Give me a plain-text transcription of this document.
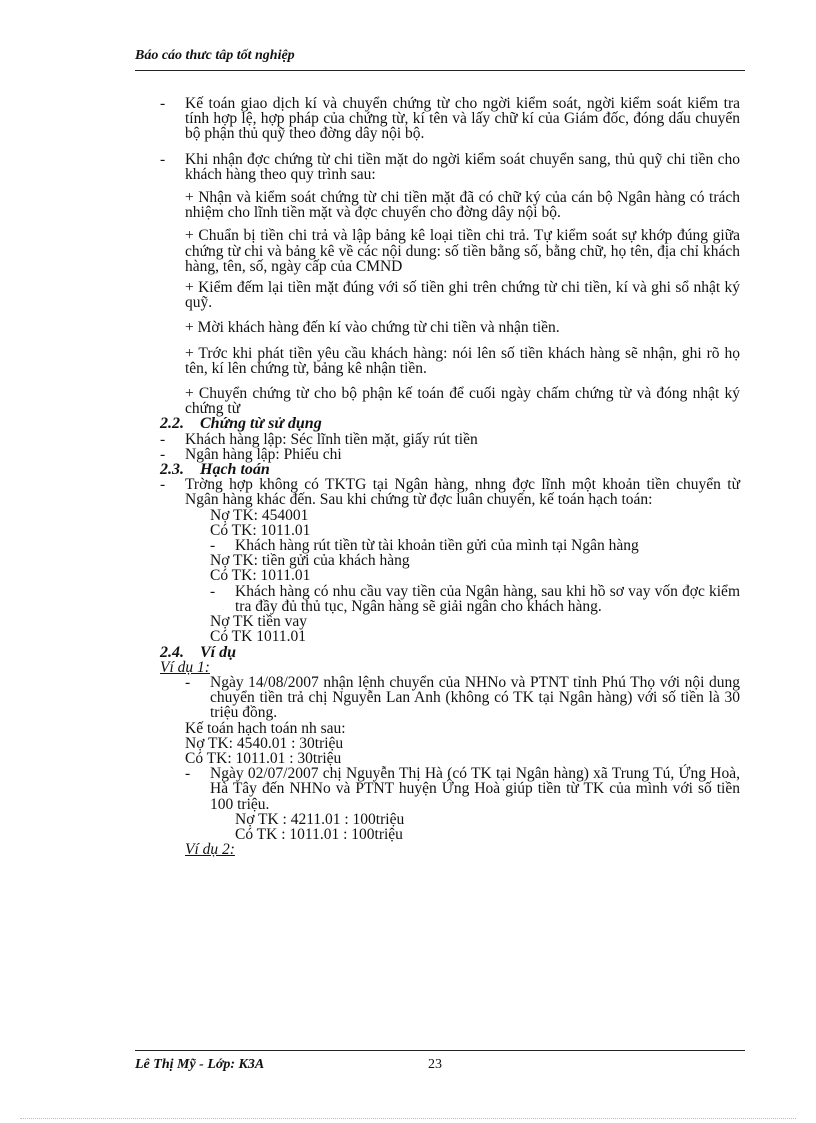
Báo cáo thưc tâp tốt nghiệp
- Kế toán giao dịch kí và chuyển chứng từ cho ngời kiểm soát, ngời kiểm soát kiểm tra tính hợp lệ, hợp pháp của chứng từ, kí tên và lấy chữ kí của Giám đốc, đóng dấu chuyển bộ phận thủ quỹ theo đờng dây nội bộ.
- Khi nhận đợc chứng từ chi tiền mặt do ngời kiểm soát chuyển sang, thủ quỹ chi tiền cho khách hàng theo quy trình sau:
+ Nhận và kiểm soát chứng từ chi tiền mặt đã có chữ ký của cán bộ Ngân hàng có trách nhiệm cho lĩnh tiền mặt và đợc chuyển cho đờng dây nội bộ.
+ Chuẩn bị tiền chi trả và lập bảng kê loại tiền chi trả. Tự kiểm soát sự khớp đúng giữa chứng từ chi và bảng kê về các nội dung: số tiền bằng số, bằng chữ, họ tên, địa chỉ khách hàng, tên, số, ngày cấp của CMND
+ Kiểm đếm lại tiền mặt đúng với số tiền ghi trên chứng từ chi tiền, kí và ghi sổ nhật ký quỹ.
+ Mời khách hàng đến kí vào chứng từ chi tiền và nhận tiền.
+ Trớc khi phát tiền yêu cầu khách hàng: nói lên số tiền khách hàng sẽ nhận, ghi rõ họ tên, kí lên chứng từ, bảng kê nhận tiền.
+ Chuyển chứng từ cho bộ phận kế toán để cuối ngày chấm chứng từ và đóng nhật ký chứng từ
2.2. Chứng từ sử dụng
- Khách hàng lập: Séc lĩnh tiền mặt, giấy rút tiền
- Ngân hàng lập: Phiếu chi
2.3. Hạch toán
- Trờng hợp không có TKTG tại Ngân hàng, nhng đợc lĩnh một khoản tiền chuyển từ Ngân hàng khác đến. Sau khi chứng từ đợc luân chuyển, kế toán hạch toán:
Nợ TK: 454001
Có TK: 1011.01
- Khách hàng rút tiền từ tài khoản tiền gửi của mình tại Ngân hàng
Nợ TK: tiền gửi của khách hàng
Có TK: 1011.01
- Khách hàng có nhu cầu vay tiền của Ngân hàng, sau khi hồ sơ vay vốn đợc kiểm tra đầy đủ thủ tục, Ngân hàng sẽ giải ngân cho khách hàng.
Nợ TK tiền vay
Có TK 1011.01
2.4. Ví dụ
Ví dụ 1:
- Ngày 14/08/2007 nhận lệnh chuyển của NHNo và PTNT tỉnh Phú Thọ với nội dung chuyển tiền trả chị Nguyễn Lan Anh (không có TK tại Ngân hàng) với số tiền là 30 triệu đồng.
Kế toán hạch toán nh sau:
Nợ TK: 4540.01 : 30triệu
Có TK: 1011.01 : 30triệu
- Ngày 02/07/2007 chị Nguyễn Thị Hà (có TK tại Ngân hàng) xã Trung Tú, Ứng Hoà, Hà Tây đến NHNo và PTNT huyện Ứng Hoà giúp tiền từ TK của mình với số tiền 100 triệu.
Nợ TK : 4211.01 : 100triệu
Có TK : 1011.01 : 100triệu
Ví dụ 2:
Lê Thị Mỹ - Lớp: K3A	23
